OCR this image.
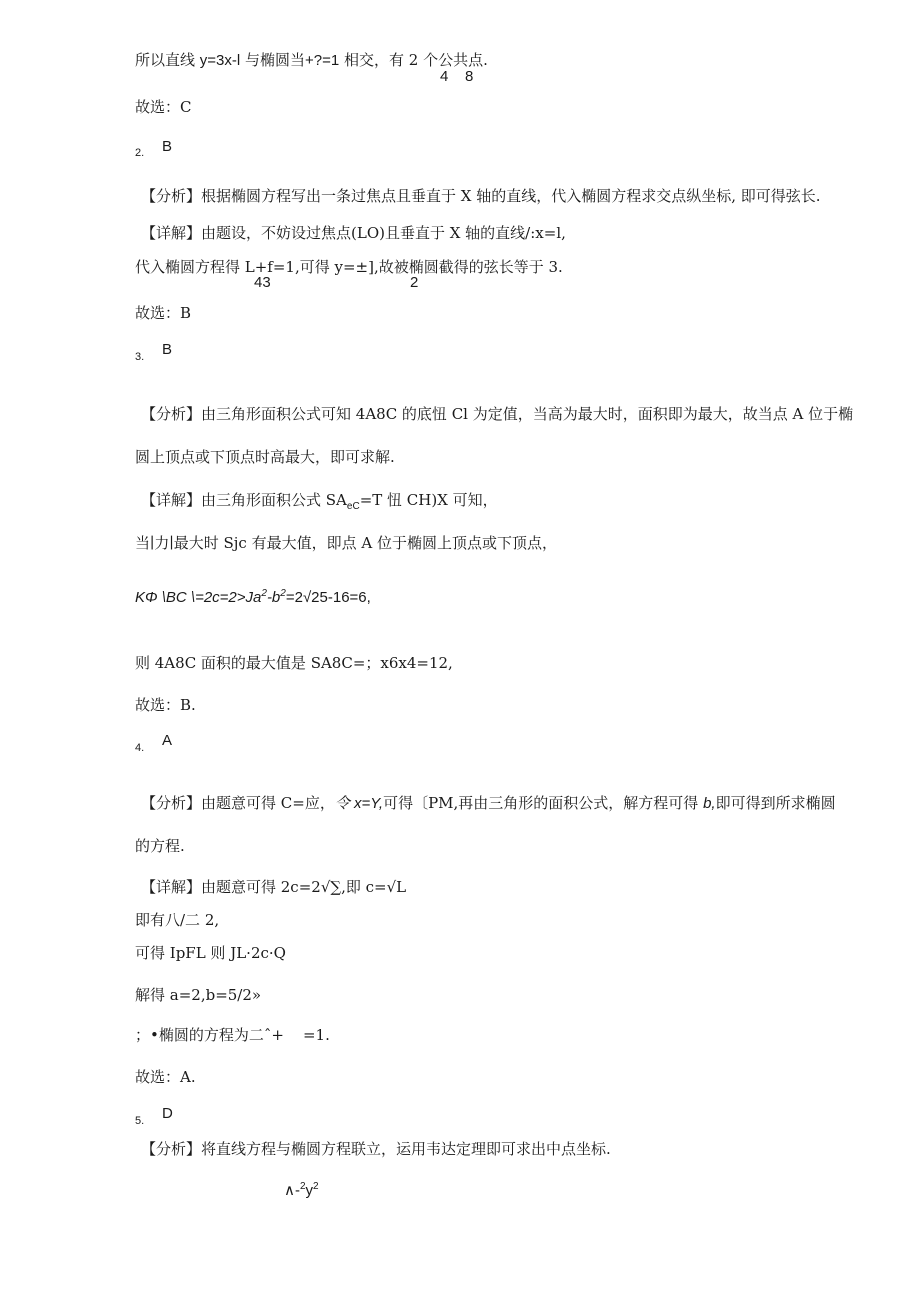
所以直线 y=3x-l 与椭圆当+?=1 相交，有 2 个公共点.
4    8
故选：C
2. B
【分析】根据椭圆方程写出一条过焦点且垂直于 X 轴的直线，代入椭圆方程求交点纵坐标, 即可得弦长.
【详解】由题设，不妨设过焦点(LO)且垂直于 X 轴的直线/:x=l,
代入椭圆方程得 L+f=1,可得 y=±],故被椭圆截得的弦长等于 3.
43	2
故选：B
3. B
【分析】由三角形面积公式可知 4A8C 的底忸 Cl 为定值，当高为最大时，面积即为最大，故当点 A 位于椭
圆上顶点或下顶点时高最大，即可求解.
【详解】由三角形面积公式 $SA_{eC}=T$ 忸 CH)X 可知，
当∣力∣最大时 Sjc 有最大值，即点 A 位于椭圆上顶点或下顶点，
KΦ \BC $\backslash=2c=2>Ja^2-b^2=2√25-16=6$,
则 4A8C 面积的最大值是 SA8C=；x6x4=12,
故选：B.
4. A
【分析】由题意可得 C=应，令 x=Y,可得〔PM,再由三角形的面积公式，解方程可得 b,即可得到所求椭圆
的方程.
【详解】由题意可得 2c=2√∑,即 c=√L
即有八/二 2,
可得 IpFL 则 JL·2c·Q
解得 a=2,b=5/2»
；•椭圆的方程为二ˆ+    =1.
故选：A.
5. D
【分析】将直线方程与椭圆方程联立，运用韦达定理即可求出中点坐标.
$\wedge-^2y^2$
